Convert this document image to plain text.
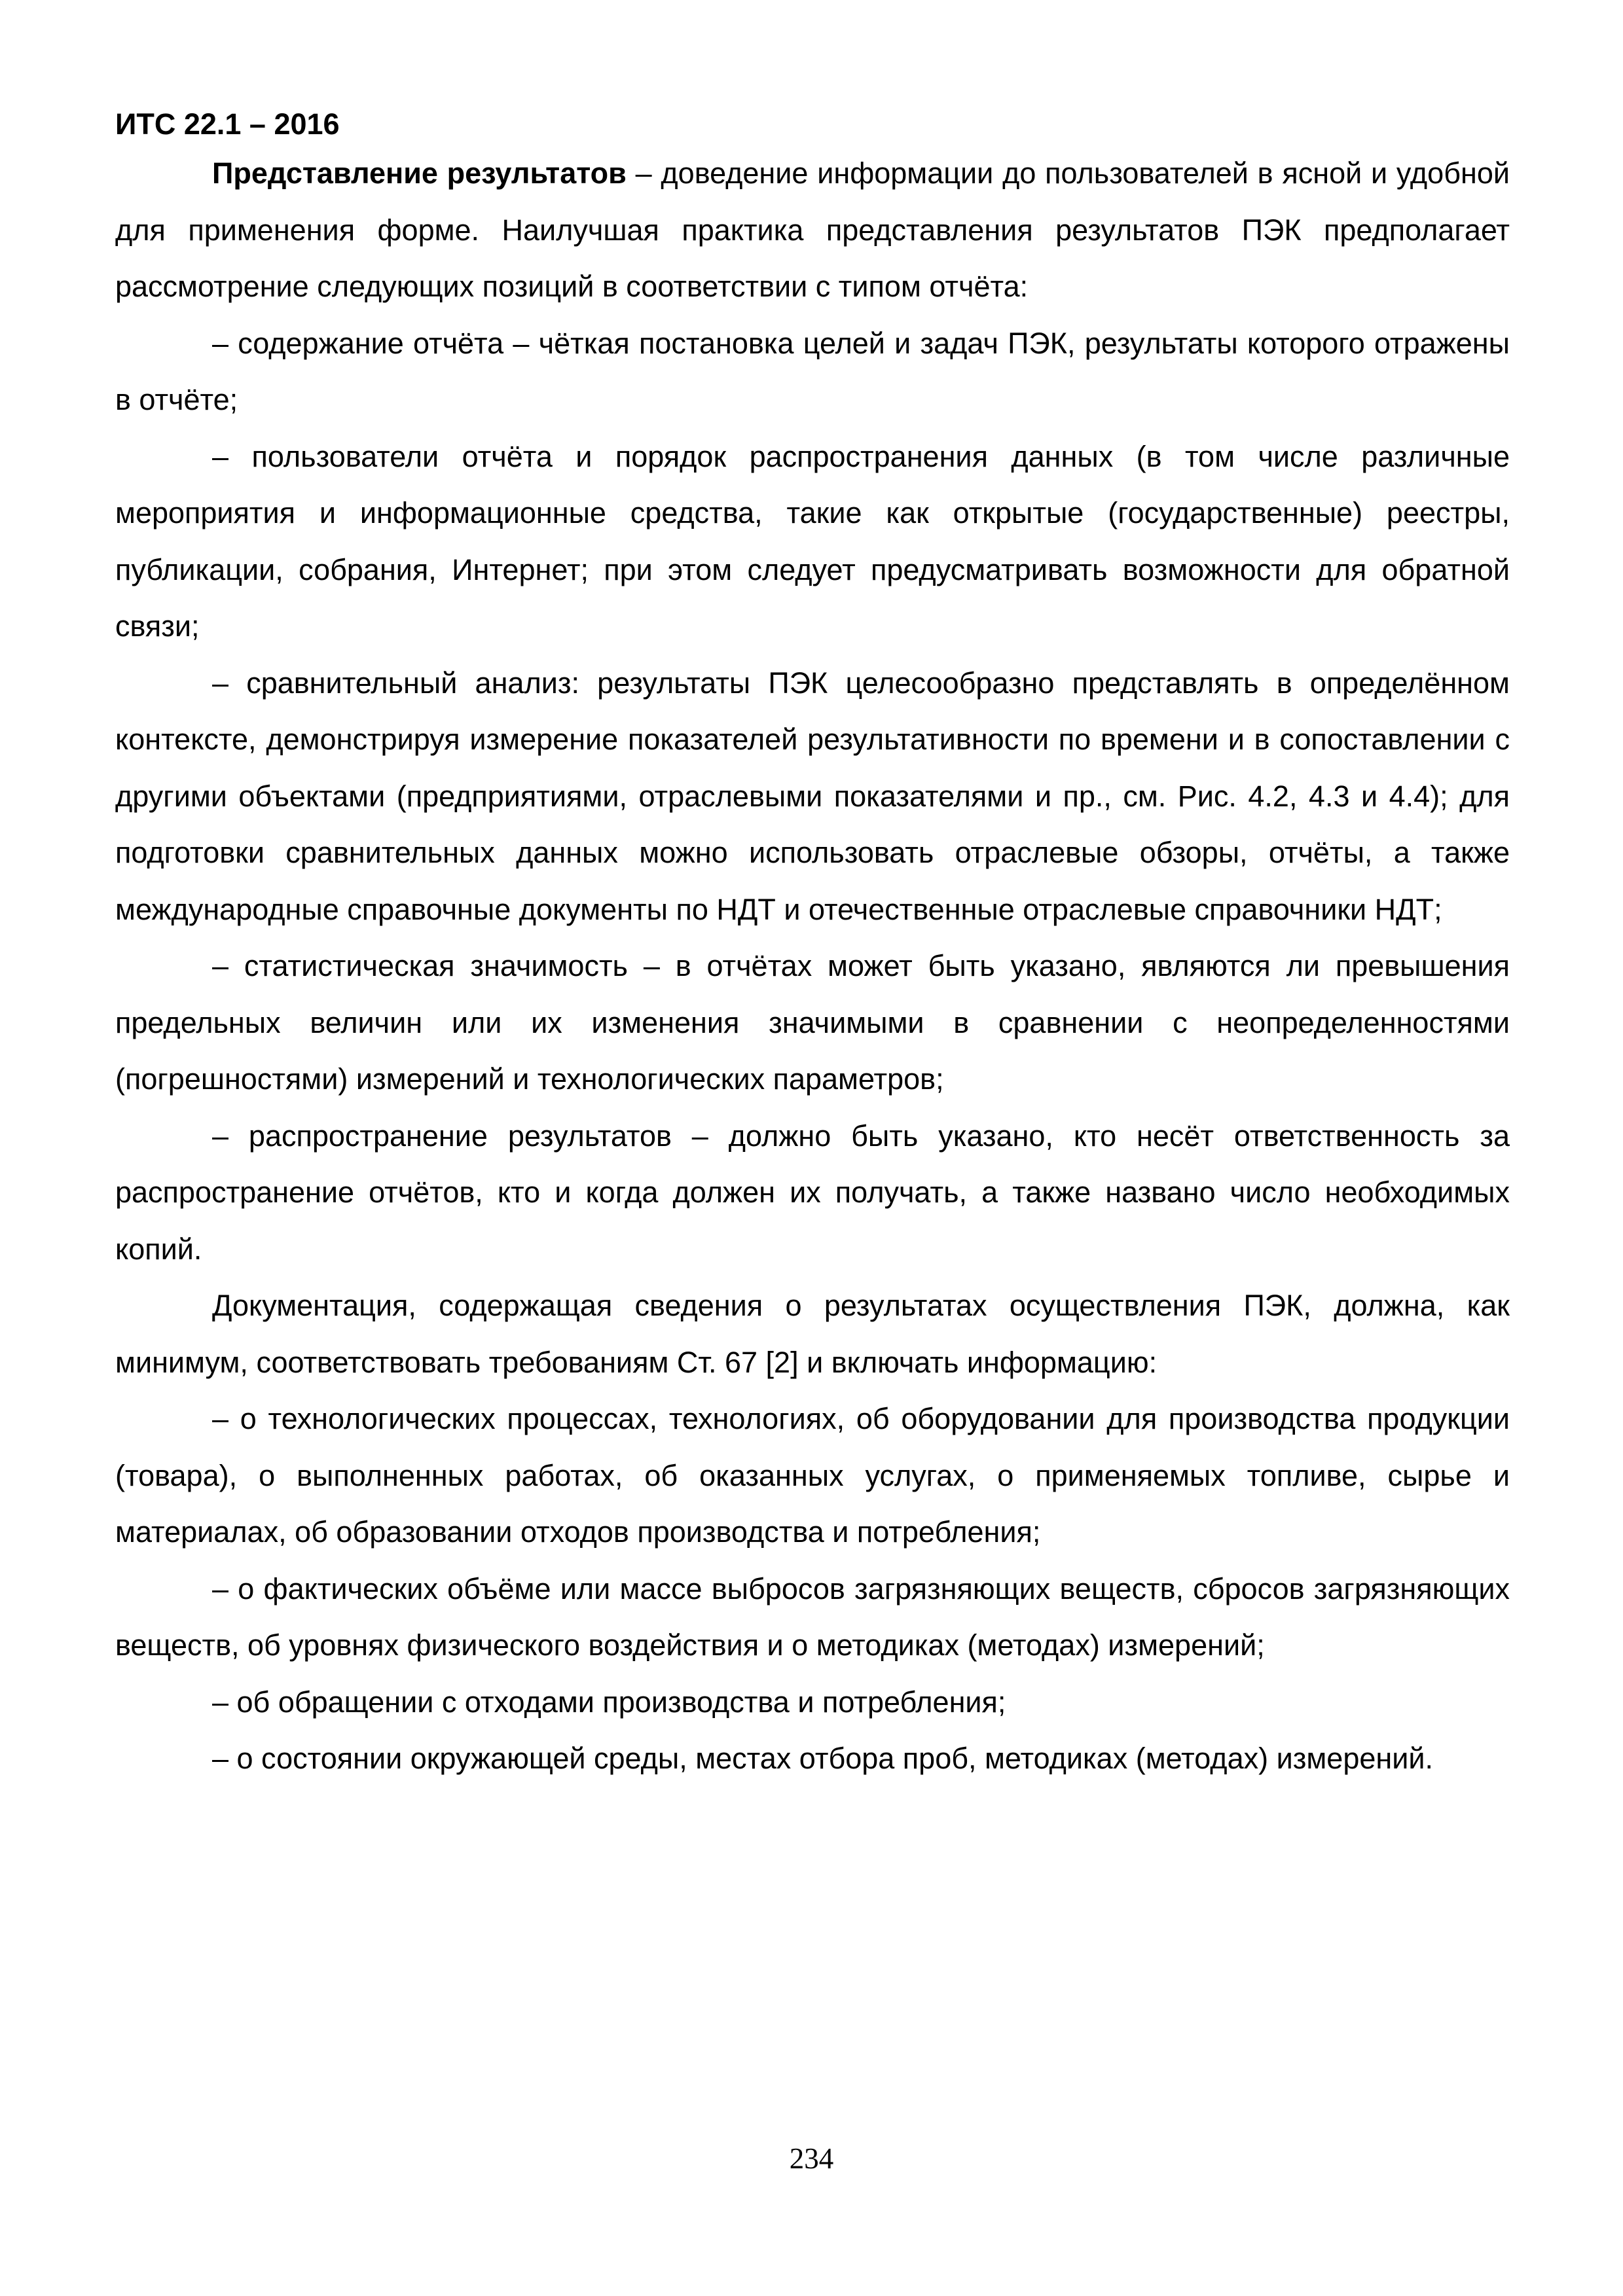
ИТС 22.1 – 2016

Представление результатов – доведение информации до пользователей в ясной и удобной для применения форме. Наилучшая практика представления результатов ПЭК предполагает рассмотрение следующих позиций в соответствии с типом отчёта:

– содержание отчёта – чёткая постановка целей и задач ПЭК, результаты которого отражены в отчёте;

– пользователи отчёта и порядок распространения данных (в том числе различные мероприятия и информационные средства, такие как открытые (государственные) реестры, публикации, собрания, Интернет; при этом следует предусматривать возможности для обратной связи;

– сравнительный анализ: результаты ПЭК целесообразно представлять в определённом контексте, демонстрируя измерение показателей результативности по времени и в сопоставлении с другими объектами (предприятиями, отраслевыми показателями и пр., см. Рис. 4.2, 4.3 и 4.4); для подготовки сравнительных данных можно использовать отраслевые обзоры, отчёты, а также международные справочные документы по НДТ и отечественные отраслевые справочники НДТ;

– статистическая значимость – в отчётах может быть указано, являются ли превышения предельных величин или их изменения значимыми в сравнении с неопределенностями (погрешностями) измерений и технологических параметров;

– распространение результатов – должно быть указано, кто несёт ответственность за распространение отчётов, кто и когда должен их получать, а также названо число необходимых копий.

Документация, содержащая сведения о результатах осуществления ПЭК, должна, как минимум, соответствовать требованиям Ст. 67 [2] и включать информацию:

– о технологических процессах, технологиях, об оборудовании для производства продукции (товара), о выполненных работах, об оказанных услугах, о применяемых топливе, сырье и материалах, об образовании отходов производства и потребления;

– о фактических объёме или массе выбросов загрязняющих веществ, сбросов загрязняющих веществ, об уровнях физического воздействия и о методиках (методах) измерений;

– об обращении с отходами производства и потребления;

– о состоянии окружающей среды, местах отбора проб, методиках (методах) измерений.

234
